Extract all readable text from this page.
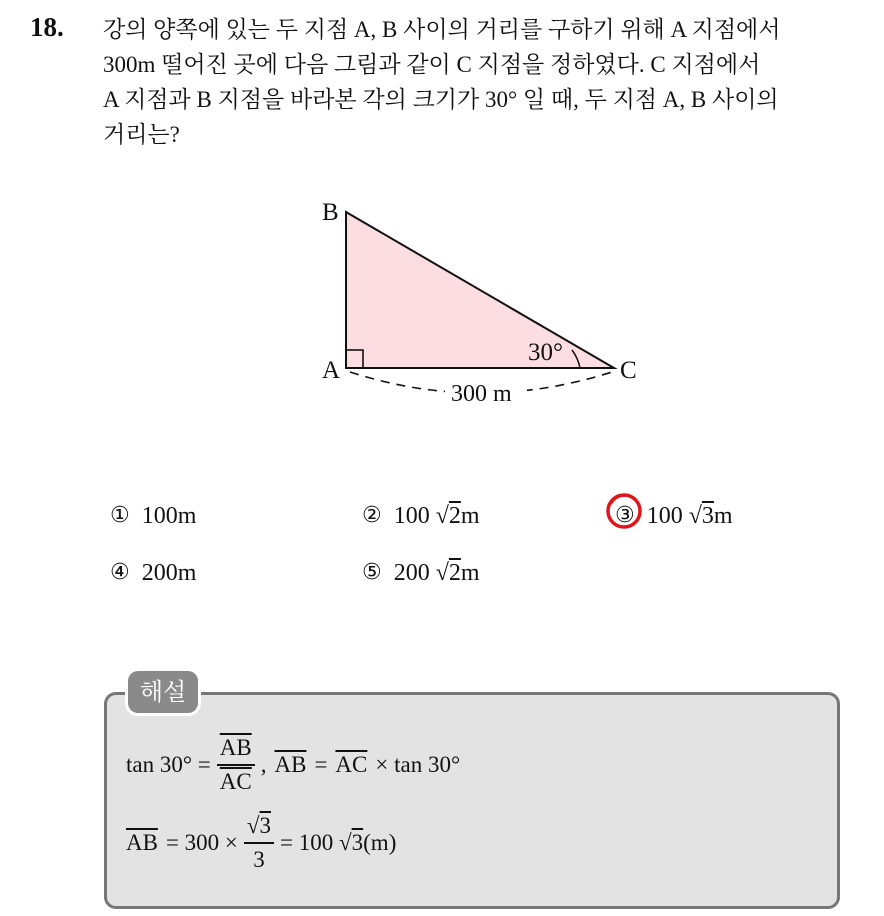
18. 강의 양쪽에 있는 두 지점 A, B 사이의 거리를 구하기 위해 A 지점에서
300m 떨어진 곳에 다음 그림과 같이 C 지점을 정하였다. C 지점에서
A 지점과 B 지점을 바라본 각의 크기가 30° 일 때, 두 지점 A, B 사이의
거리는?
B
A	C
30°
300 m
① 100m	② 100 √ 2 m	③ 100 √ 3 m
④ 200m	⑤ 200 √ 2 m
해설
$\tan 30^\circ = \frac{\overline{AB}}{AC}$ , $\overline{AB} = \overline{AC} \times \tan 30^\circ$
$\overline{AB} = 300 \times \frac{√3}{3} = 100$ √ 3 (m)
